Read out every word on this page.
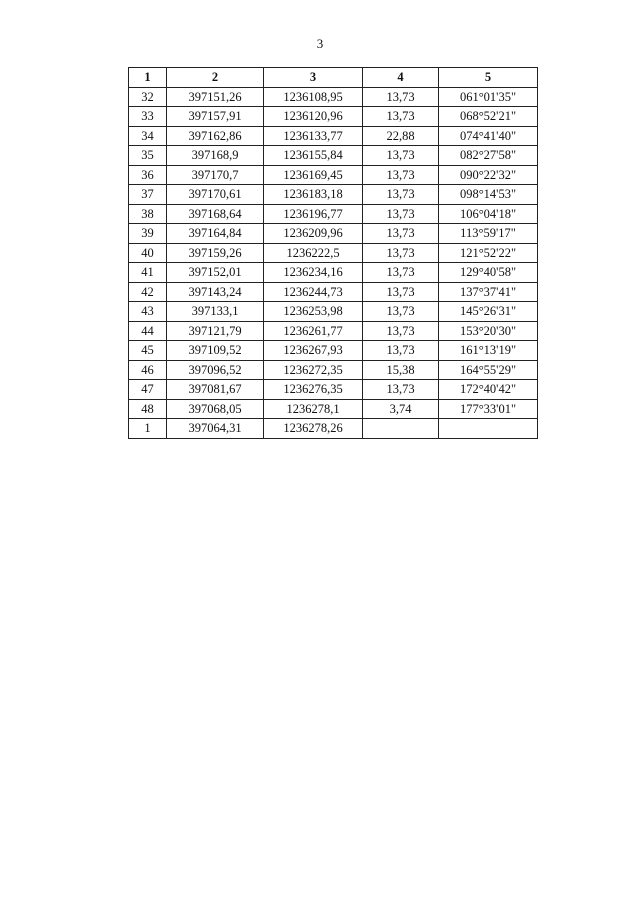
3
1	2	3	4	5
32	397151,26	1236108,95	13,73	061°01'35"
33	397157,91	1236120,96	13,73	068°52'21"
34	397162,86	1236133,77	22,88	074°41'40"
35	397168,9	1236155,84	13,73	082°27'58"
36	397170,7	1236169,45	13,73	090°22'32"
37	397170,61	1236183,18	13,73	098°14'53"
38	397168,64	1236196,77	13,73	106°04'18"
39	397164,84	1236209,96	13,73	113°59'17"
40	397159,26	1236222,5	13,73	121°52'22"
41	397152,01	1236234,16	13,73	129°40'58"
42	397143,24	1236244,73	13,73	137°37'41"
43	397133,1	1236253,98	13,73	145°26'31"
44	397121,79	1236261,77	13,73	153°20'30"
45	397109,52	1236267,93	13,73	161°13'19"
46	397096,52	1236272,35	15,38	164°55'29"
47	397081,67	1236276,35	13,73	172°40'42"
48	397068,05	1236278,1	3,74	177°33'01"
1	397064,31	1236278,26		
